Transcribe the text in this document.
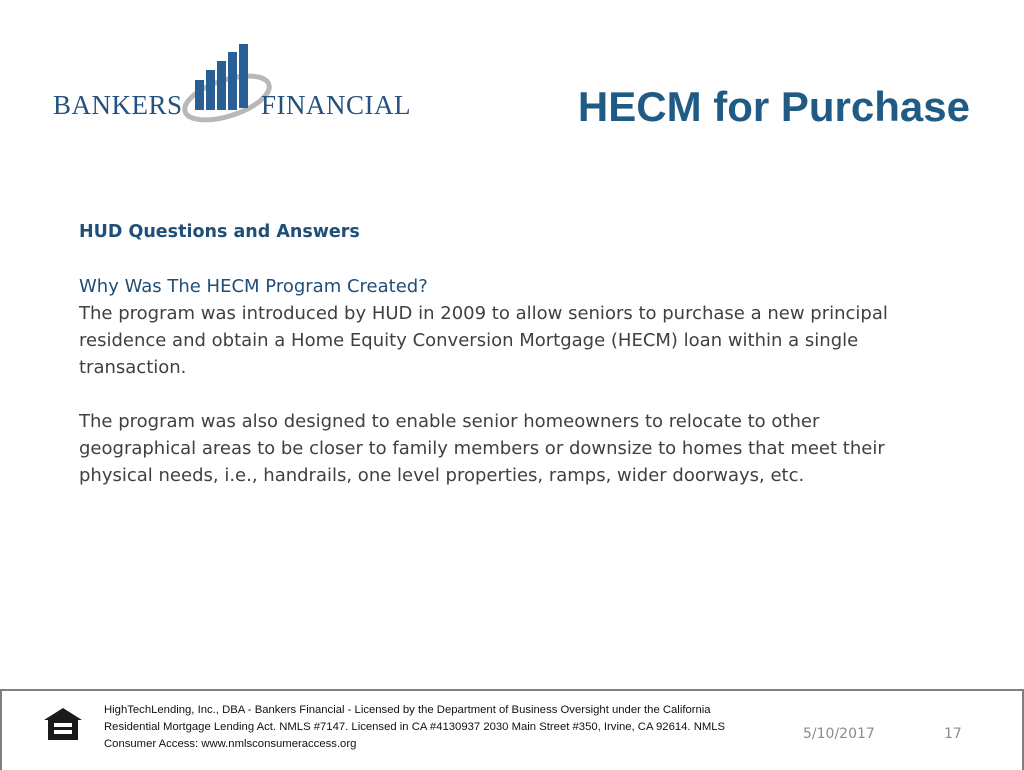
BANKERS	FINANCIAL	HECM for Purchase

HUD Questions and Answers

Why Was The HECM Program Created?

The program was introduced by HUD in 2009 to allow seniors to purchase a new principal residence and obtain a Home Equity Conversion Mortgage (HECM) loan within a single transaction.

The program was also designed to enable senior homeowners to relocate to other geographical areas to be closer to family members or downsize to homes that meet their physical needs, i.e., handrails, one level properties, ramps, wider doorways, etc.

HighTechLending, Inc., DBA - Bankers Financial - Licensed by the Department of Business Oversight under the California

Residential Mortgage Lending Act. NMLS #7147. Licensed in CA #4130937 2030 Main Street #350, Irvine, CA 92614. NMLS

Consumer Access: www.nmlsconsumeraccess.org

5/10/2017	17
